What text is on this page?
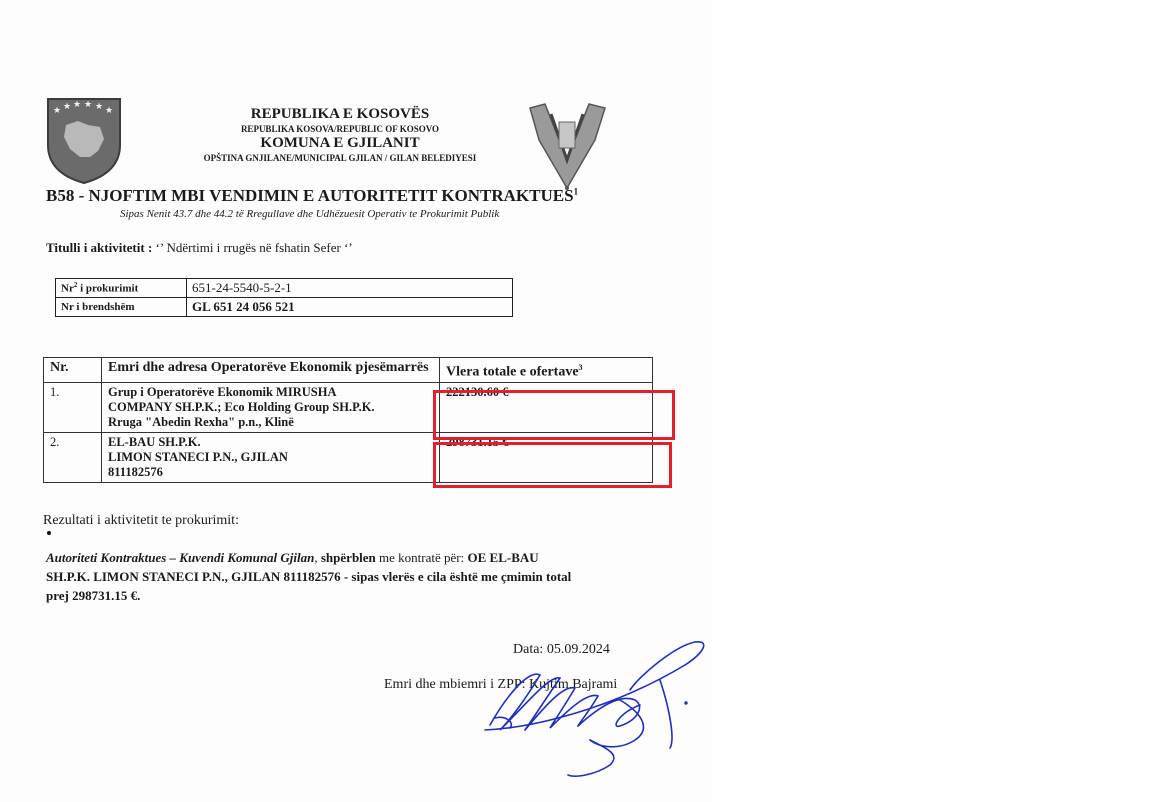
★ ★ ★ ★ ★ ★	REPUBLIKA E KOSOVËS
REPUBLIKA KOSOVA/REPUBLIC OF KOSOVO
KOMUNA E GJILANIT
OPŠTINA GNJILANE/MUNICIPAL GJILAN / GILAN BELEDIYESI
B58 - NJOFTIM MBI VENDIMIN E AUTORITETIT KONTRAKTUES$^1$
Sipas Nenit 43.7 dhe 44.2 të Rregullave dhe Udhëzuesit Operativ te Prokurimit Publik
Titulli i aktivitetit : ‘’ Ndërtimi i rrugës në fshatin Sefer ‘’
Nr$^2$ i prokurimit	651-24-5540-5-2-1
Nr i brendshëm	GL 651 24 056 521
Nr.	Emri dhe adresa Operatorëve Ekonomik pjesëmarrës	Vlera totale e ofertave$^3$
1.	Grup i Operatorëve Ekonomik MIRUSHA
COMPANY SH.P.K.; Eco Holding Group SH.P.K.
Rruga "Abedin Rexha" p.n., Klinë	222130.60 €
2.	EL-BAU SH.P.K.
LIMON STANECI P.N., GJILAN
811182576	298731.15 €
Rezultati i aktivitetit te prokurimit:
Autoriteti Kontraktues – Kuvendi Komunal Gjilan, shpërblen me kontratë për: OE EL-BAU
SH.P.K. LIMON STANECI P.N., GJILAN 811182576 - sipas vlerës e cila është me çmimin total
prej 298731.15 €.
Data: 05.09.2024
Emri dhe mbiemri i ZPP: Kujtim Bajrami
